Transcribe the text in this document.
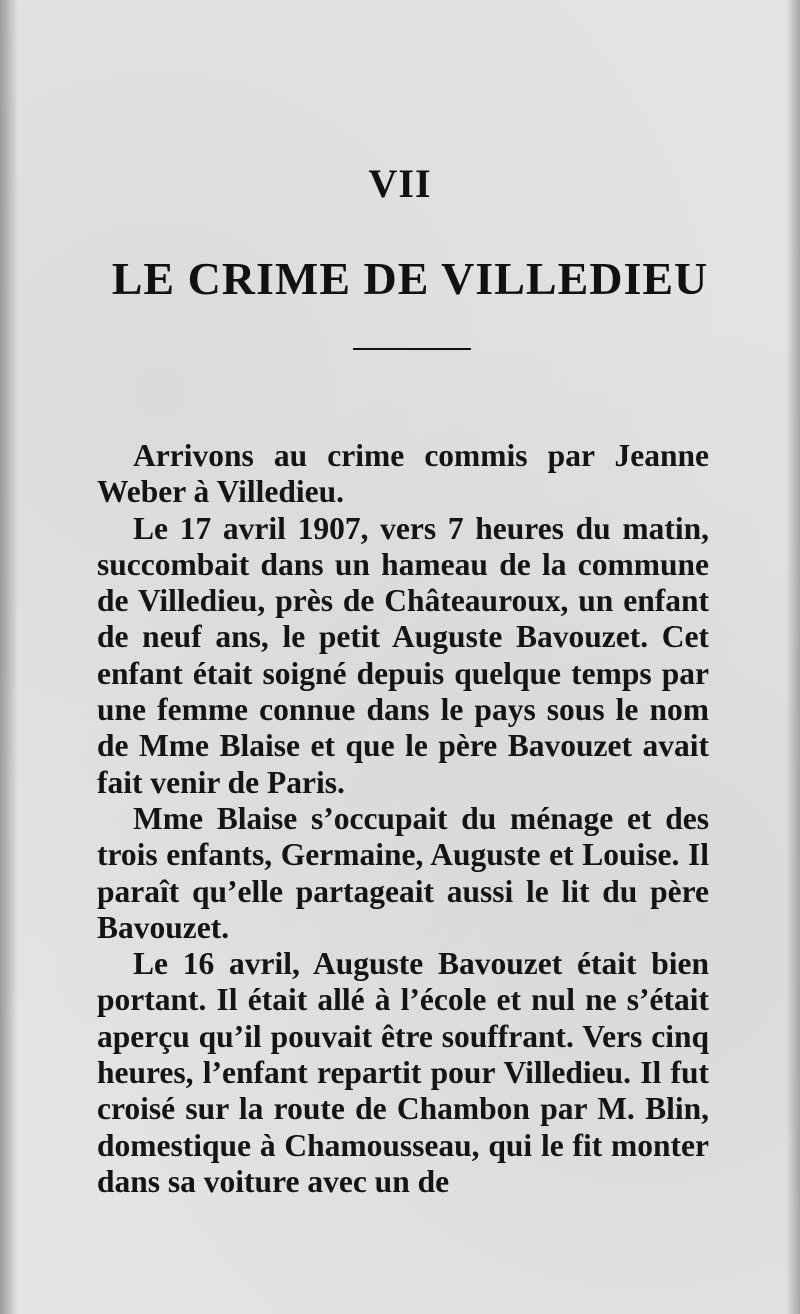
VII
LE CRIME DE VILLEDIEU

Arrivons au crime commis par Jeanne Weber à Villedieu.

Le 17 avril 1907, vers 7 heures du matin, succombait dans un hameau de la commune de Villedieu, près de Châteauroux, un enfant de neuf ans, le petit Auguste Bavouzet. Cet enfant était soigné depuis quelque temps par une femme connue dans le pays sous le nom de Mme Blaise et que le père Bavouzet avait fait venir de Paris.

Mme Blaise s’occupait du ménage et des trois enfants, Germaine, Auguste et Louise. Il paraît qu’elle partageait aussi le lit du père Bavouzet.

Le 16 avril, Auguste Bavouzet était bien portant. Il était allé à l’école et nul ne s’était aperçu qu’il pouvait être souffrant. Vers cinq heures, l’enfant repartit pour Villedieu. Il fut croisé sur la route de Chambon par M. Blin, domestique à Chamousseau, qui le fit monter dans sa voiture avec un de
